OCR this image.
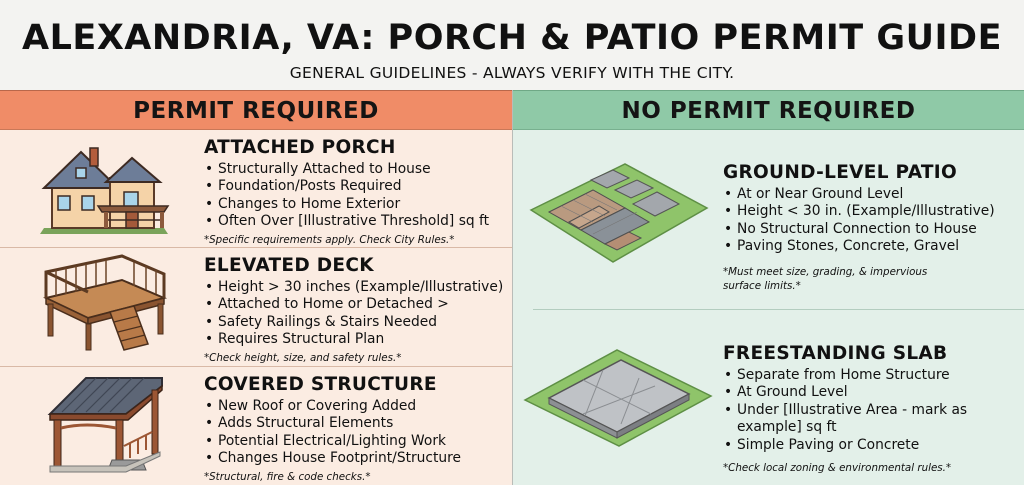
ALEXANDRIA, VA: PORCH & PATIO PERMIT GUIDE
GENERAL GUIDELINES - ALWAYS VERIFY WITH THE CITY.
PERMIT REQUIRED
ATTACHED PORCH
• Structurally Attached to House
• Foundation/Posts Required
• Changes to Home Exterior
• Often Over [Illustrative Threshold] sq ft
*Specific requirements apply. Check City Rules.*
ELEVATED DECK
• Height > 30 inches (Example/Illustrative)
• Attached to Home or Detached >
• Safety Railings & Stairs Needed
• Requires Structural Plan
*Check height, size, and safety rules.*
COVERED STRUCTURE
• New Roof or Covering Added
• Adds Structural Elements
• Potential Electrical/Lighting Work
• Changes House Footprint/Structure
*Structural, fire & code checks.*
NO PERMIT REQUIRED
GROUND-LEVEL PATIO
• At or Near Ground Level
• Height < 30 in. (Example/Illustrative)
• No Structural Connection to House
• Paving Stones, Concrete, Gravel
*Must meet size, grading, & impervious
surface limits.*
FREESTANDING SLAB
• Separate from Home Structure
• At Ground Level
• Under [Illustrative Area - mark as
example] sq ft
• Simple Paving or Concrete
*Check local zoning & environmental rules.*
